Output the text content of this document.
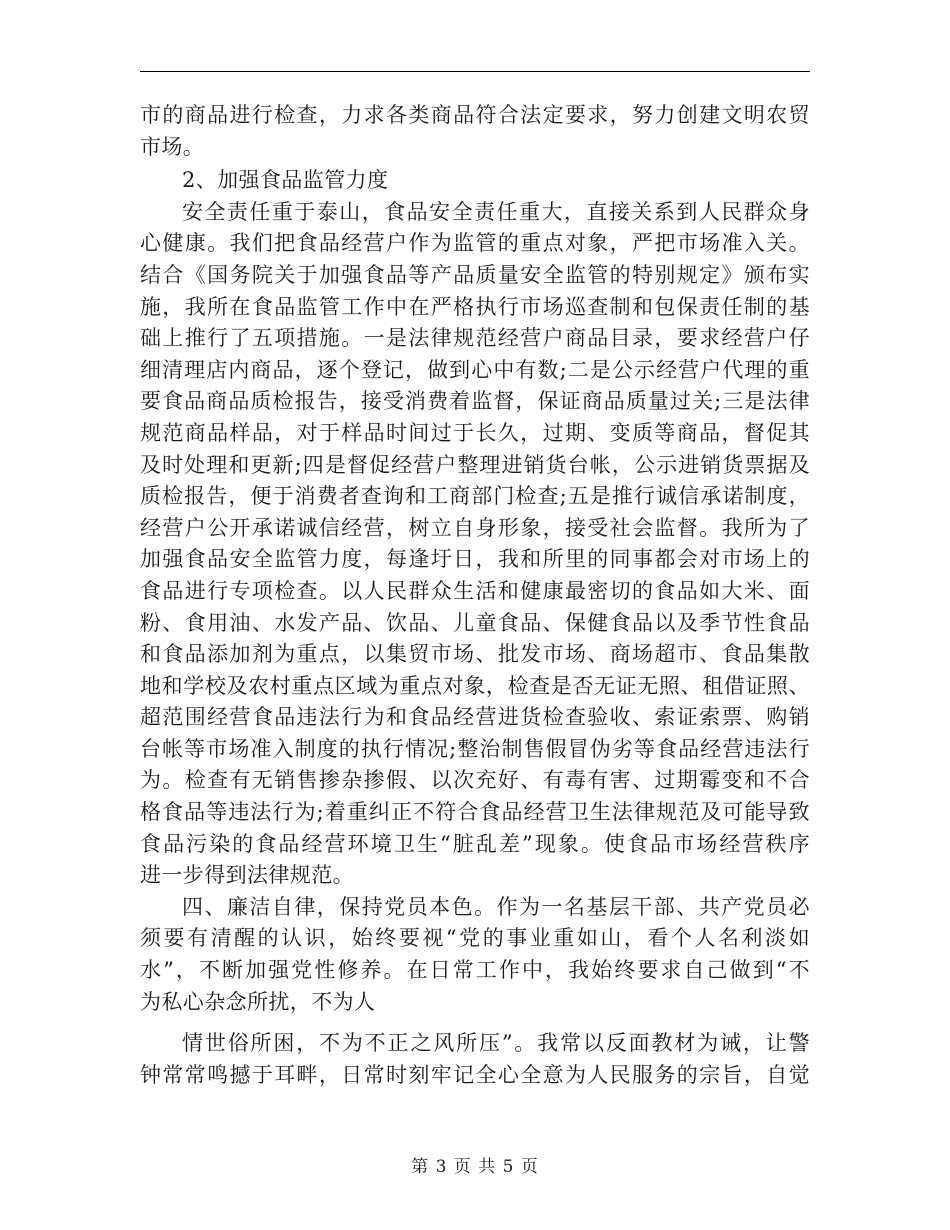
市的商品进行检查，力求各类商品符合法定要求，努力创建文明农贸
市场。
2、加强食品监管力度
安全责任重于泰山，食品安全责任重大，直接关系到人民群众身
心健康。我们把食品经营户作为监管的重点对象，严把市场准入关。
结合《国务院关于加强食品等产品质量安全监管的特别规定》颁布实
施，我所在食品监管工作中在严格执行市场巡查制和包保责任制的基
础上推行了五项措施。一是法律规范经营户商品目录，要求经营户仔
细清理店内商品，逐个登记，做到心中有数;二是公示经营户代理的重
要食品商品质检报告，接受消费着监督，保证商品质量过关;三是法律
规范商品样品，对于样品时间过于长久，过期、变质等商品，督促其
及时处理和更新;四是督促经营户整理进销货台帐，公示进销货票据及
质检报告，便于消费者查询和工商部门检查;五是推行诚信承诺制度，
经营户公开承诺诚信经营，树立自身形象，接受社会监督。我所为了
加强食品安全监管力度，每逢圩日，我和所里的同事都会对市场上的
食品进行专项检查。以人民群众生活和健康最密切的食品如大米、面
粉、食用油、水发产品、饮品、儿童食品、保健食品以及季节性食品
和食品添加剂为重点，以集贸市场、批发市场、商场超市、食品集散
地和学校及农村重点区域为重点对象，检查是否无证无照、租借证照、
超范围经营食品违法行为和食品经营进货检查验收、索证索票、购销
台帐等市场准入制度的执行情况;整治制售假冒伪劣等食品经营违法行
为。检查有无销售掺杂掺假、以次充好、有毒有害、过期霉变和不合
格食品等违法行为;着重纠正不符合食品经营卫生法律规范及可能导致
食品污染的食品经营环境卫生“脏乱差”现象。使食品市场经营秩序
进一步得到法律规范。
四、廉洁自律，保持党员本色。作为一名基层干部、共产党员必
须要有清醒的认识，始终要视“党的事业重如山，看个人名利淡如
水”，不断加强党性修养。在日常工作中，我始终要求自己做到“不
为私心杂念所扰，不为人
情世俗所困，不为不正之风所压”。我常以反面教材为诫，让警
钟常常鸣撼于耳畔，日常时刻牢记全心全意为人民服务的宗旨，自觉
第 3 页 共 5 页
